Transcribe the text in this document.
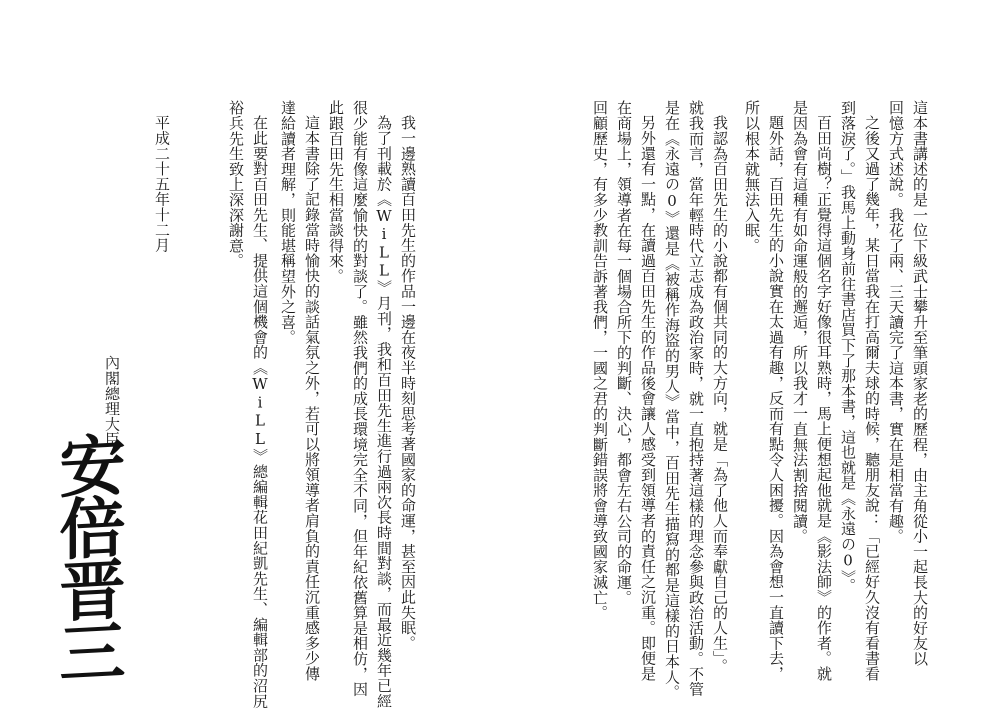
這本書講述的是一位下級武士攀升至筆頭家老的歷程，由主角從小一起長大的好友以
回憶方式述說。我花了兩、三天讀完了這本書，實在是相當有趣。
之後又過了幾年，某日當我在打高爾夫球的時候，聽朋友說：「已經好久沒有看書看
到落淚了。」我馬上動身前往書店買下了那本書，這也就是《永遠の0》。
百田尚樹？正覺得這個名字好像很耳熟時，馬上便想起他就是《影法師》的作者。就
是因為會有這種有如命運般的邂逅，所以我才一直無法割捨閱讀。
題外話，百田先生的小說實在太過有趣，反而有點令人困擾。因為會想一直讀下去，
所以根本就無法入眠。
我認為百田先生的小說都有個共同的大方向，就是「為了他人而奉獻自己的人生」。
就我而言，當年輕時代立志成為政治家時，就一直抱持著這樣的理念參與政治活動。不管
是在《永遠の0》還是《被稱作海盜的男人》當中，百田先生描寫的都是這樣的日本人。
另外還有一點，在讀過百田先生的作品後會讓人感受到領導者的責任之沉重。即便是
在商場上，領導者在每一個場合所下的判斷、決心，都會左右公司的命運。
回顧歷史，有多少教訓告訴著我們，一國之君的判斷錯誤將會導致國家滅亡。
我一邊熟讀百田先生的作品一邊在夜半時刻思考著國家的命運，甚至因此失眠。
為了刊載於《WiLL》月刊，我和百田先生進行過兩次長時間對談，而最近幾年已經
很少能有像這麼愉快的對談了。雖然我們的成長環境完全不同，但年紀依舊算是相仿，因
此跟百田先生相當談得來。
這本書除了記錄當時愉快的談話氣氛之外，若可以將領導者肩負的責任沉重感多少傳
達給讀者理解，則能堪稱望外之喜。
在此要對百田先生、提供這個機會的《WiLL》總編輯花田紀凱先生、編輯部的沼尻
裕兵先生致上深深謝意。
平成二十五年十二月
內閣總理大臣
安倍晋三
